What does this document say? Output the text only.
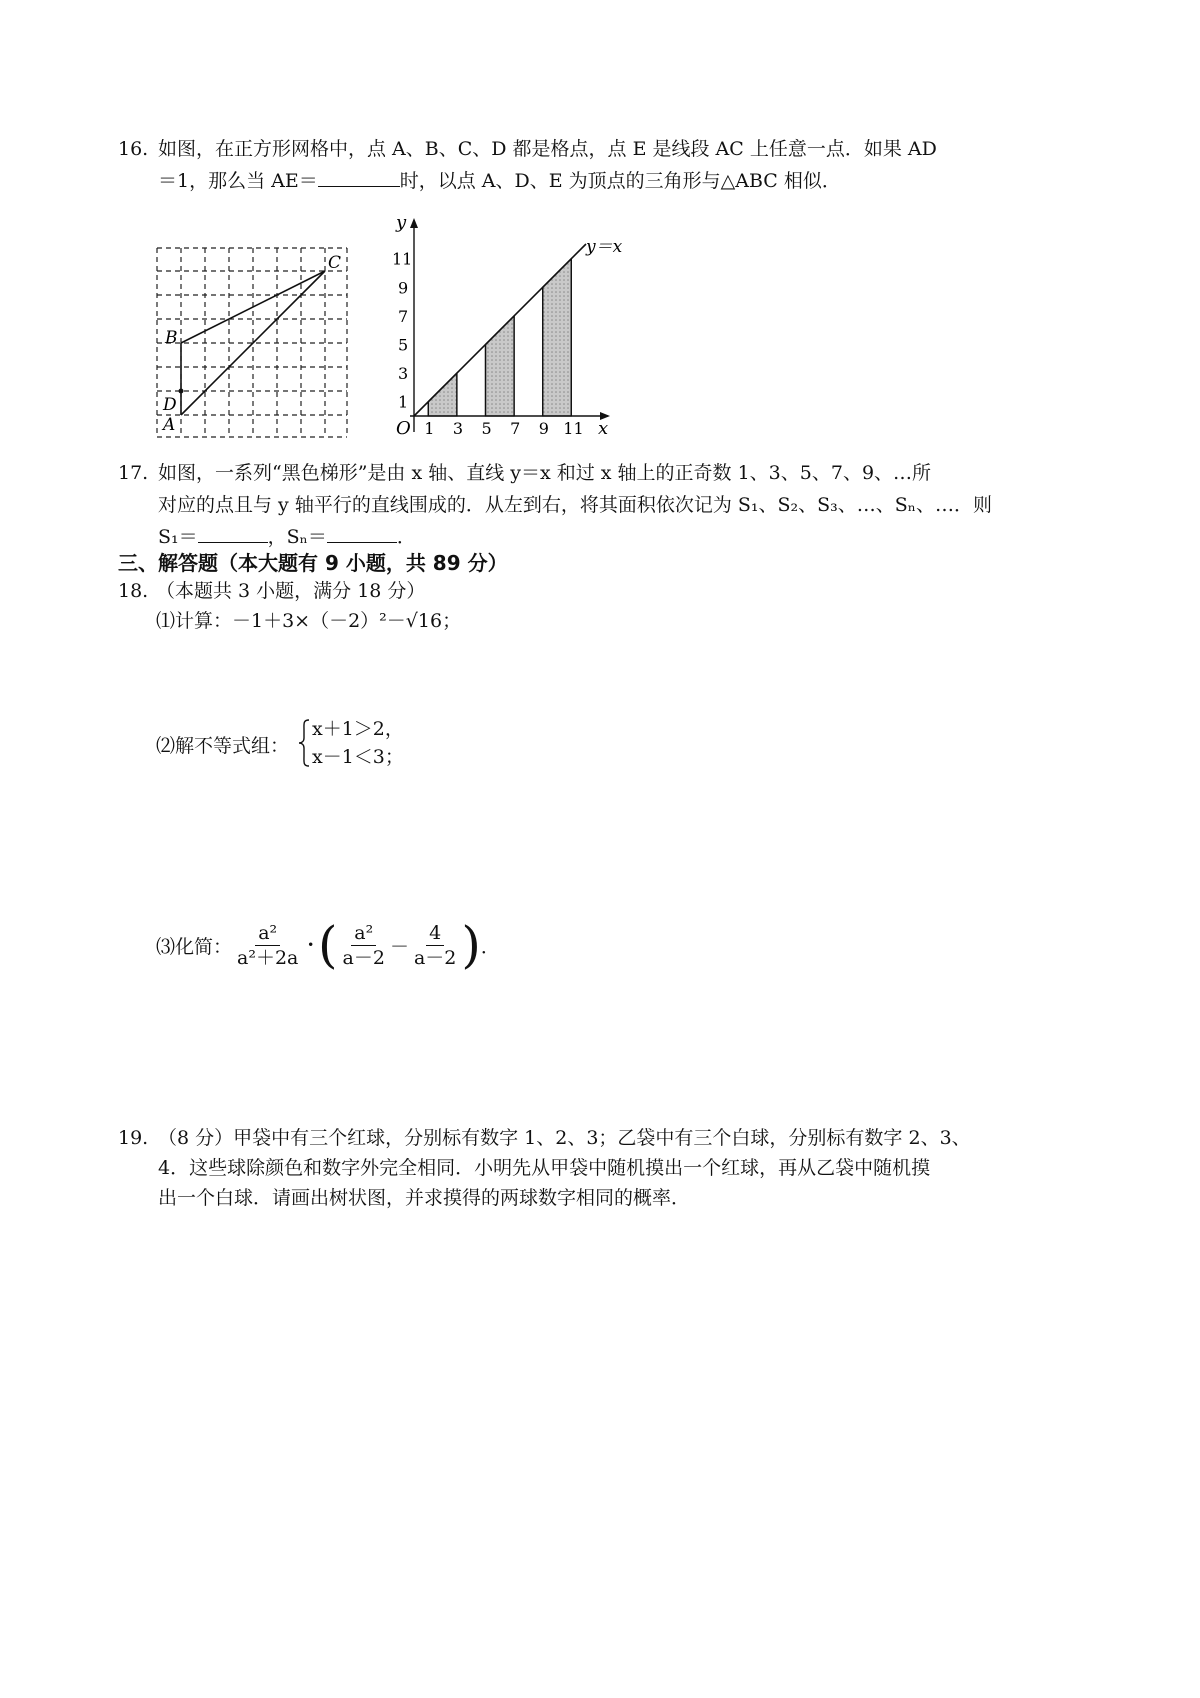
16. 如图，在正方形网格中，点 A、B、C、D 都是格点，点 E 是线段 AC 上任意一点．如果 AD
＝1，那么当 AE＝	时，以点 A、D、E 为顶点的三角形与△ABC 相似．
C
B
D
A	1 3 5 7 9 11
1
3
5
7
9
11
y
x
O
y＝x
17. 如图，一系列“黑色梯形”是由 x 轴、直线 y＝x 和过 x 轴上的正奇数 1、3、5、7、9、…所
对应的点且与 y 轴平行的直线围成的．从左到右，将其面积依次记为 S₁、S₂、S₃、…、Sₙ、…．则
S₁＝	，Sₙ＝	．
三、解答题（本大题有 9 小题，共 89 分）
18. （本题共 3 小题，满分 18 分）
⑴计算：－1＋3×（－2）²－√16；
⑵解不等式组：
x＋1＞2，
x－1＜3；
⑶化简： $\frac{\text{a²}}{\text{a²＋2a}}$ · ( $\frac{\text{a²}}{a-2} - \frac{4}{a-2}$ ) ．
19. （8 分）甲袋中有三个红球，分别标有数字 1、2、3；乙袋中有三个白球，分别标有数字 2、3、
4．这些球除颜色和数字外完全相同．小明先从甲袋中随机摸出一个红球，再从乙袋中随机摸
出一个白球．请画出树状图，并求摸得的两球数字相同的概率．
